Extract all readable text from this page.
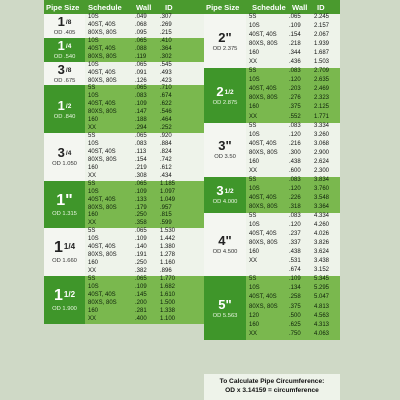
Pipe Size Schedule Wall ID
1/8
OD .405
10S	.049 .307
40ST, 40S	.068 .269
80XS, 80S	.095 .215
1/4
OD .540
10S	.065 .410
40ST, 40S	.088 .364
80XS, 80S	.119 .302
3/8
OD .675
10S	.065 .545
40ST, 40S	.091 .493
80XS, 80S	.126 .423
1/2
OD .840
5S	.065 .710
10S	.083 .674
40ST, 40S	.109 .622
80XS, 80S	.147 .546
160	.188 .464
XX	.294 .252
3/4
OD 1.050
5S	.065 .920
10S	.083 .884
40ST, 40S	.113 .824
80XS, 80S	.154 .742
160	.219 .612
XX	.308 .434
1"
OD 1.315
5S	.065 1.185
10S	.109 1.097
40ST, 40S	.133 1.049
80XS, 80S	.179 .957
160	.250 .815
XX	.358 .599
11/4
OD 1.660
5S	.065 1.530
10S	.109 1.442
40ST, 40S	.140 1.380
80XS, 80S	.191 1.278
160	.250 1.160
XX	.382 .896
11/2
OD 1.900
5S	.065 1.770
10S	.109 1.682
40ST, 40S	.145 1.610
80XS, 80S	.200 1.500
160	.281 1.338
XX	.400 1.100
Pipe Size Schedule Wall ID
2"
OD 2.375
5S	.065 2.245
10S	.109 2.157
40ST, 40S .154 2.067
80XS, 80S .218 1.939
160	.344 1.687
XX	.436 1.503
21/2
OD 2.875
5S	.083 2.709
10S	.120 2.635
40ST, 40S .203 2.469
80XS, 80S .276 2.323
160	.375 2.125
XX	.552 1.771
3"
OD 3.50
5S	.083 3.334
10S	.120 3.260
40ST, 40S .216 3.068
80XS, 80S .300 2.900
160	.438 2.624
XX	.600 2.300
31/2
OD 4.000
5S	.083 3.834
10S	.120 3.760
40ST, 40S .226 3.548
80XS, 80S .318 3.364
4"
OD 4.500
5S	.083 4.334
10S	.120 4.260
40ST, 40S .237 4.026
80XS, 80S .337 3.826
160	.438 3.624
XX	.531 3.438
.674 3.152
5"
OD 5.563
5S	.109 5.345
10S	.134 5.295
40ST, 40S .258 5.047
80XS, 80S .375 4.813
120	.500 4.563
160	.625 4.313
XX	.750 4.063
To Calculate Pipe Circumference:
OD x 3.14159 = circumference
